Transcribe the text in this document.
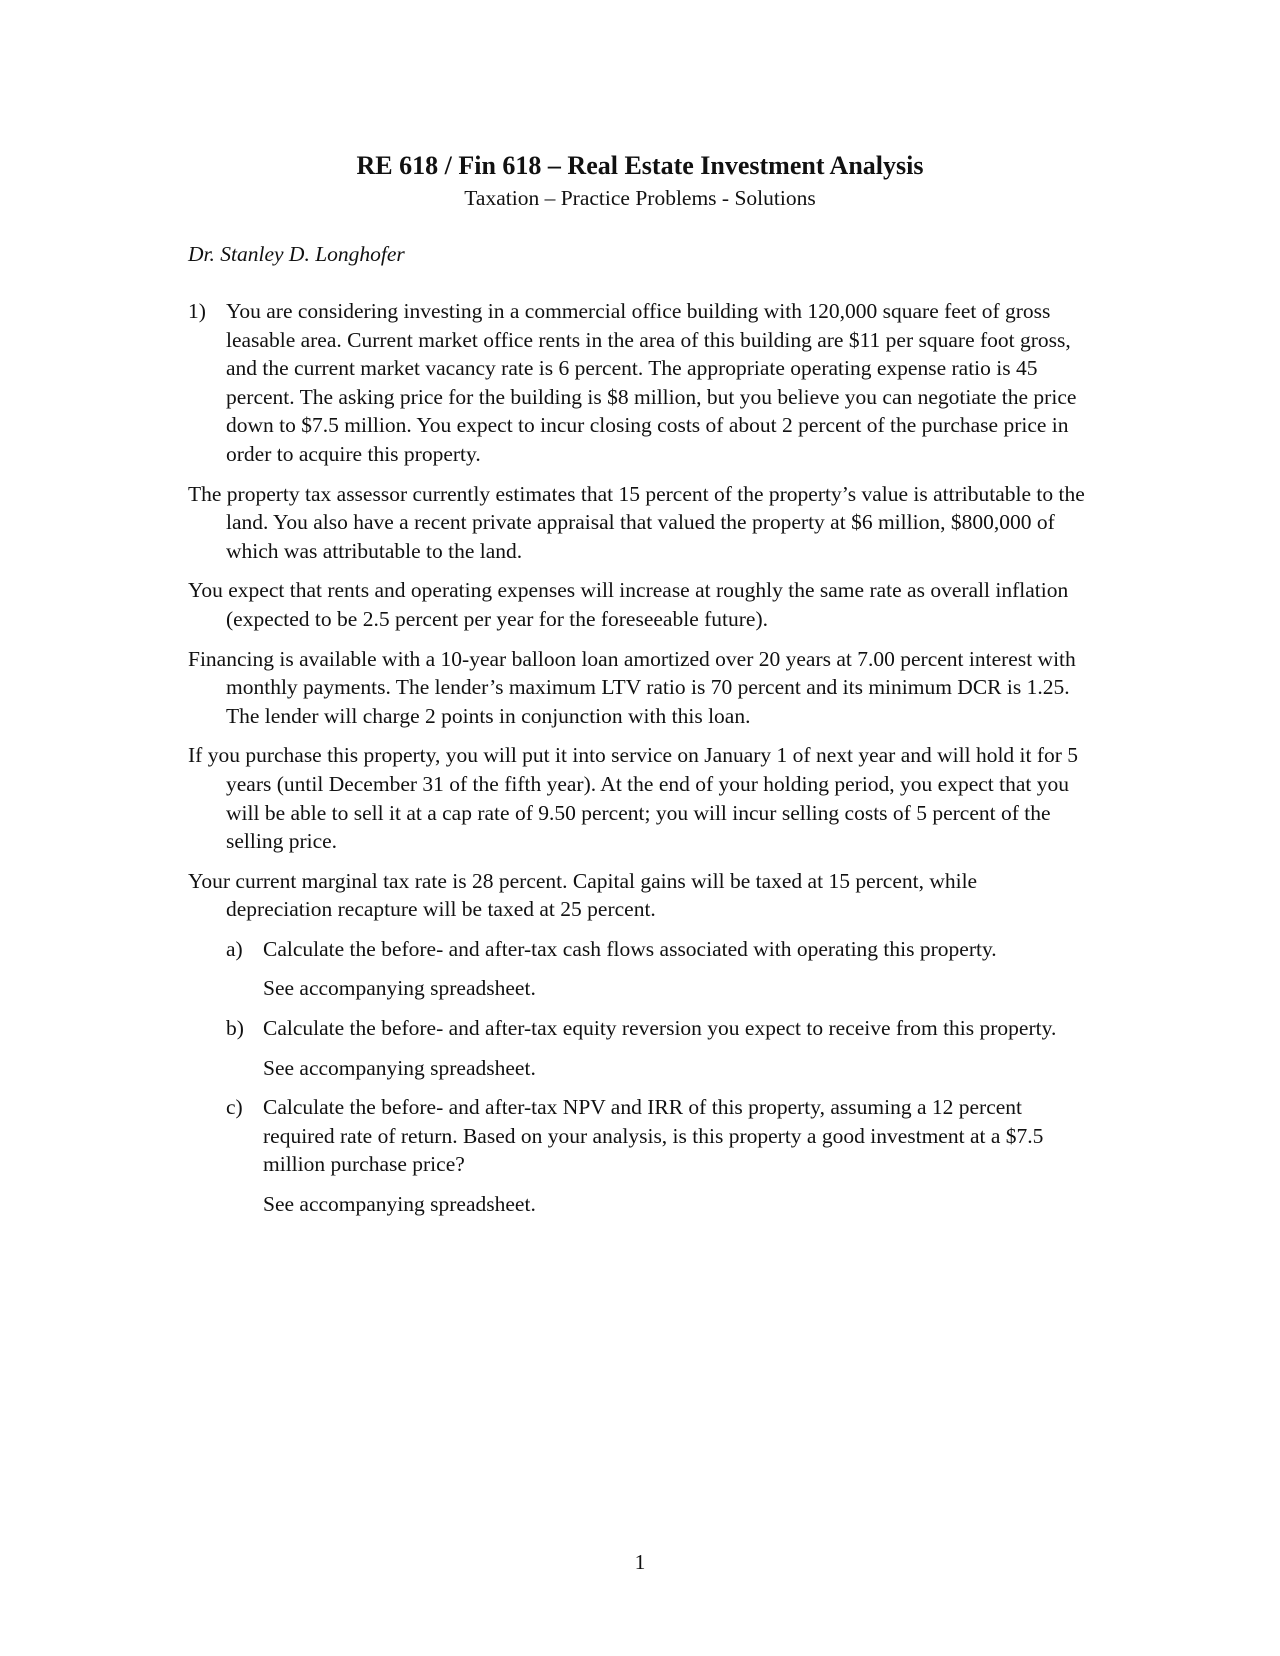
RE 618 / Fin 618 – Real Estate Investment Analysis
Taxation – Practice Problems - Solutions
Dr. Stanley D. Longhofer
1) You are considering investing in a commercial office building with 120,000 square feet of gross leasable area. Current market office rents in the area of this building are $11 per square foot gross, and the current market vacancy rate is 6 percent. The appropriate operating expense ratio is 45 percent. The asking price for the building is $8 million, but you believe you can negotiate the price down to $7.5 million. You expect to incur closing costs of about 2 percent of the purchase price in order to acquire this property.

The property tax assessor currently estimates that 15 percent of the property’s value is attributable to the land. You also have a recent private appraisal that valued the property at $6 million, $800,000 of which was attributable to the land.

You expect that rents and operating expenses will increase at roughly the same rate as overall inflation (expected to be 2.5 percent per year for the foreseeable future).

Financing is available with a 10-year balloon loan amortized over 20 years at 7.00 percent interest with monthly payments. The lender’s maximum LTV ratio is 70 percent and its minimum DCR is 1.25. The lender will charge 2 points in conjunction with this loan.

If you purchase this property, you will put it into service on January 1 of next year and will hold it for 5 years (until December 31 of the fifth year). At the end of your holding period, you expect that you will be able to sell it at a cap rate of 9.50 percent; you will incur selling costs of 5 percent of the selling price.

Your current marginal tax rate is 28 percent. Capital gains will be taxed at 15 percent, while depreciation recapture will be taxed at 25 percent.

a) Calculate the before- and after-tax cash flows associated with operating this property.

See accompanying spreadsheet.

b) Calculate the before- and after-tax equity reversion you expect to receive from this property.

See accompanying spreadsheet.

c) Calculate the before- and after-tax NPV and IRR of this property, assuming a 12 percent required rate of return. Based on your analysis, is this property a good investment at a $7.5 million purchase price?

See accompanying spreadsheet.

1
